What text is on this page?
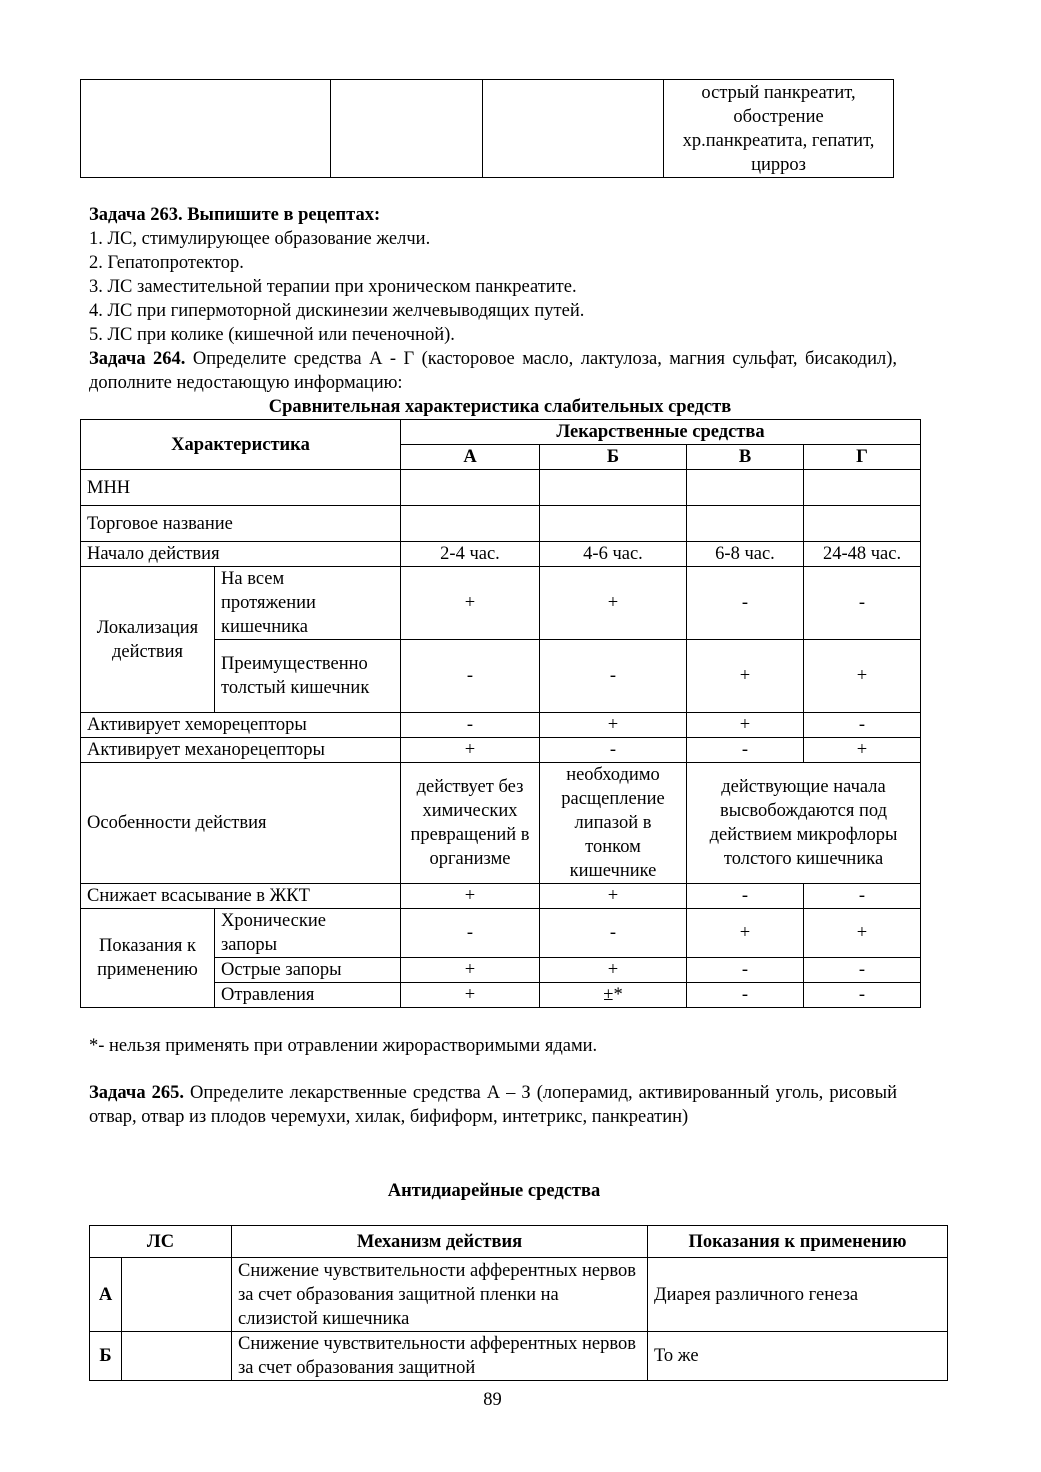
			острый панкреатит, обострение хр.панкреатита, гепатит, цирроз
Задача 263. Выпишите в рецептах:
1. ЛС, стимулирующее образование желчи.
2. Гепатопротектор.
3. ЛС заместительной терапии при хроническом панкреатите.
4. ЛС при гипермоторной дискинезии желчевыводящих путей.
5. ЛС при колике (кишечной или печеночной).
Задача 264. Определите средства А - Г (касторовое масло, лактулоза, магния сульфат, бисакодил), дополните недостающую информацию:
Сравнительная характеристика слабительных средств
Характеристика		Лекарственные средства			
		А	Б	В	Г
МНН					
Торговое название					
Начало действия		2-4 час.	4-6 час.	6-8 час.	24-48 час.
Локализация действия	На всем протяжении кишечника	+	+	-	-
	Преимущественно толстый кишечник	-	-	+	+
Активирует хеморецепторы		-	+	+	-
Активирует механорецепторы		+	-	-	+
Особенности действия		действует без химических превращений в организме	необходимо расщепление липазой в тонком кишечнике	действующие начала высвобождаются под действием микрофлоры толстого кишечника	
Снижает всасывание в ЖКТ		+	+	-	-
Показания к применению	Хронические запоры	-	-	+	+
	Острые запоры	+	+	-	-
	Отравления	+	±*	-	-
*- нельзя применять при отравлении жирорастворимыми ядами.
Задача 265. Определите лекарственные средства А – З (лоперамид, активированный уголь, рисовый отвар, отвар из плодов черемухи, хилак, бифиформ, интетрикс, панкреатин)
Антидиарейные средства
ЛС		Механизм действия	Показания к применению
А		Снижение чувствительности афферентных нервов за счет образования защитной пленки на слизистой кишечника	Диарея различного генеза
Б		Снижение чувствительности афферентных нервов за счет образования защитной	То же
89
